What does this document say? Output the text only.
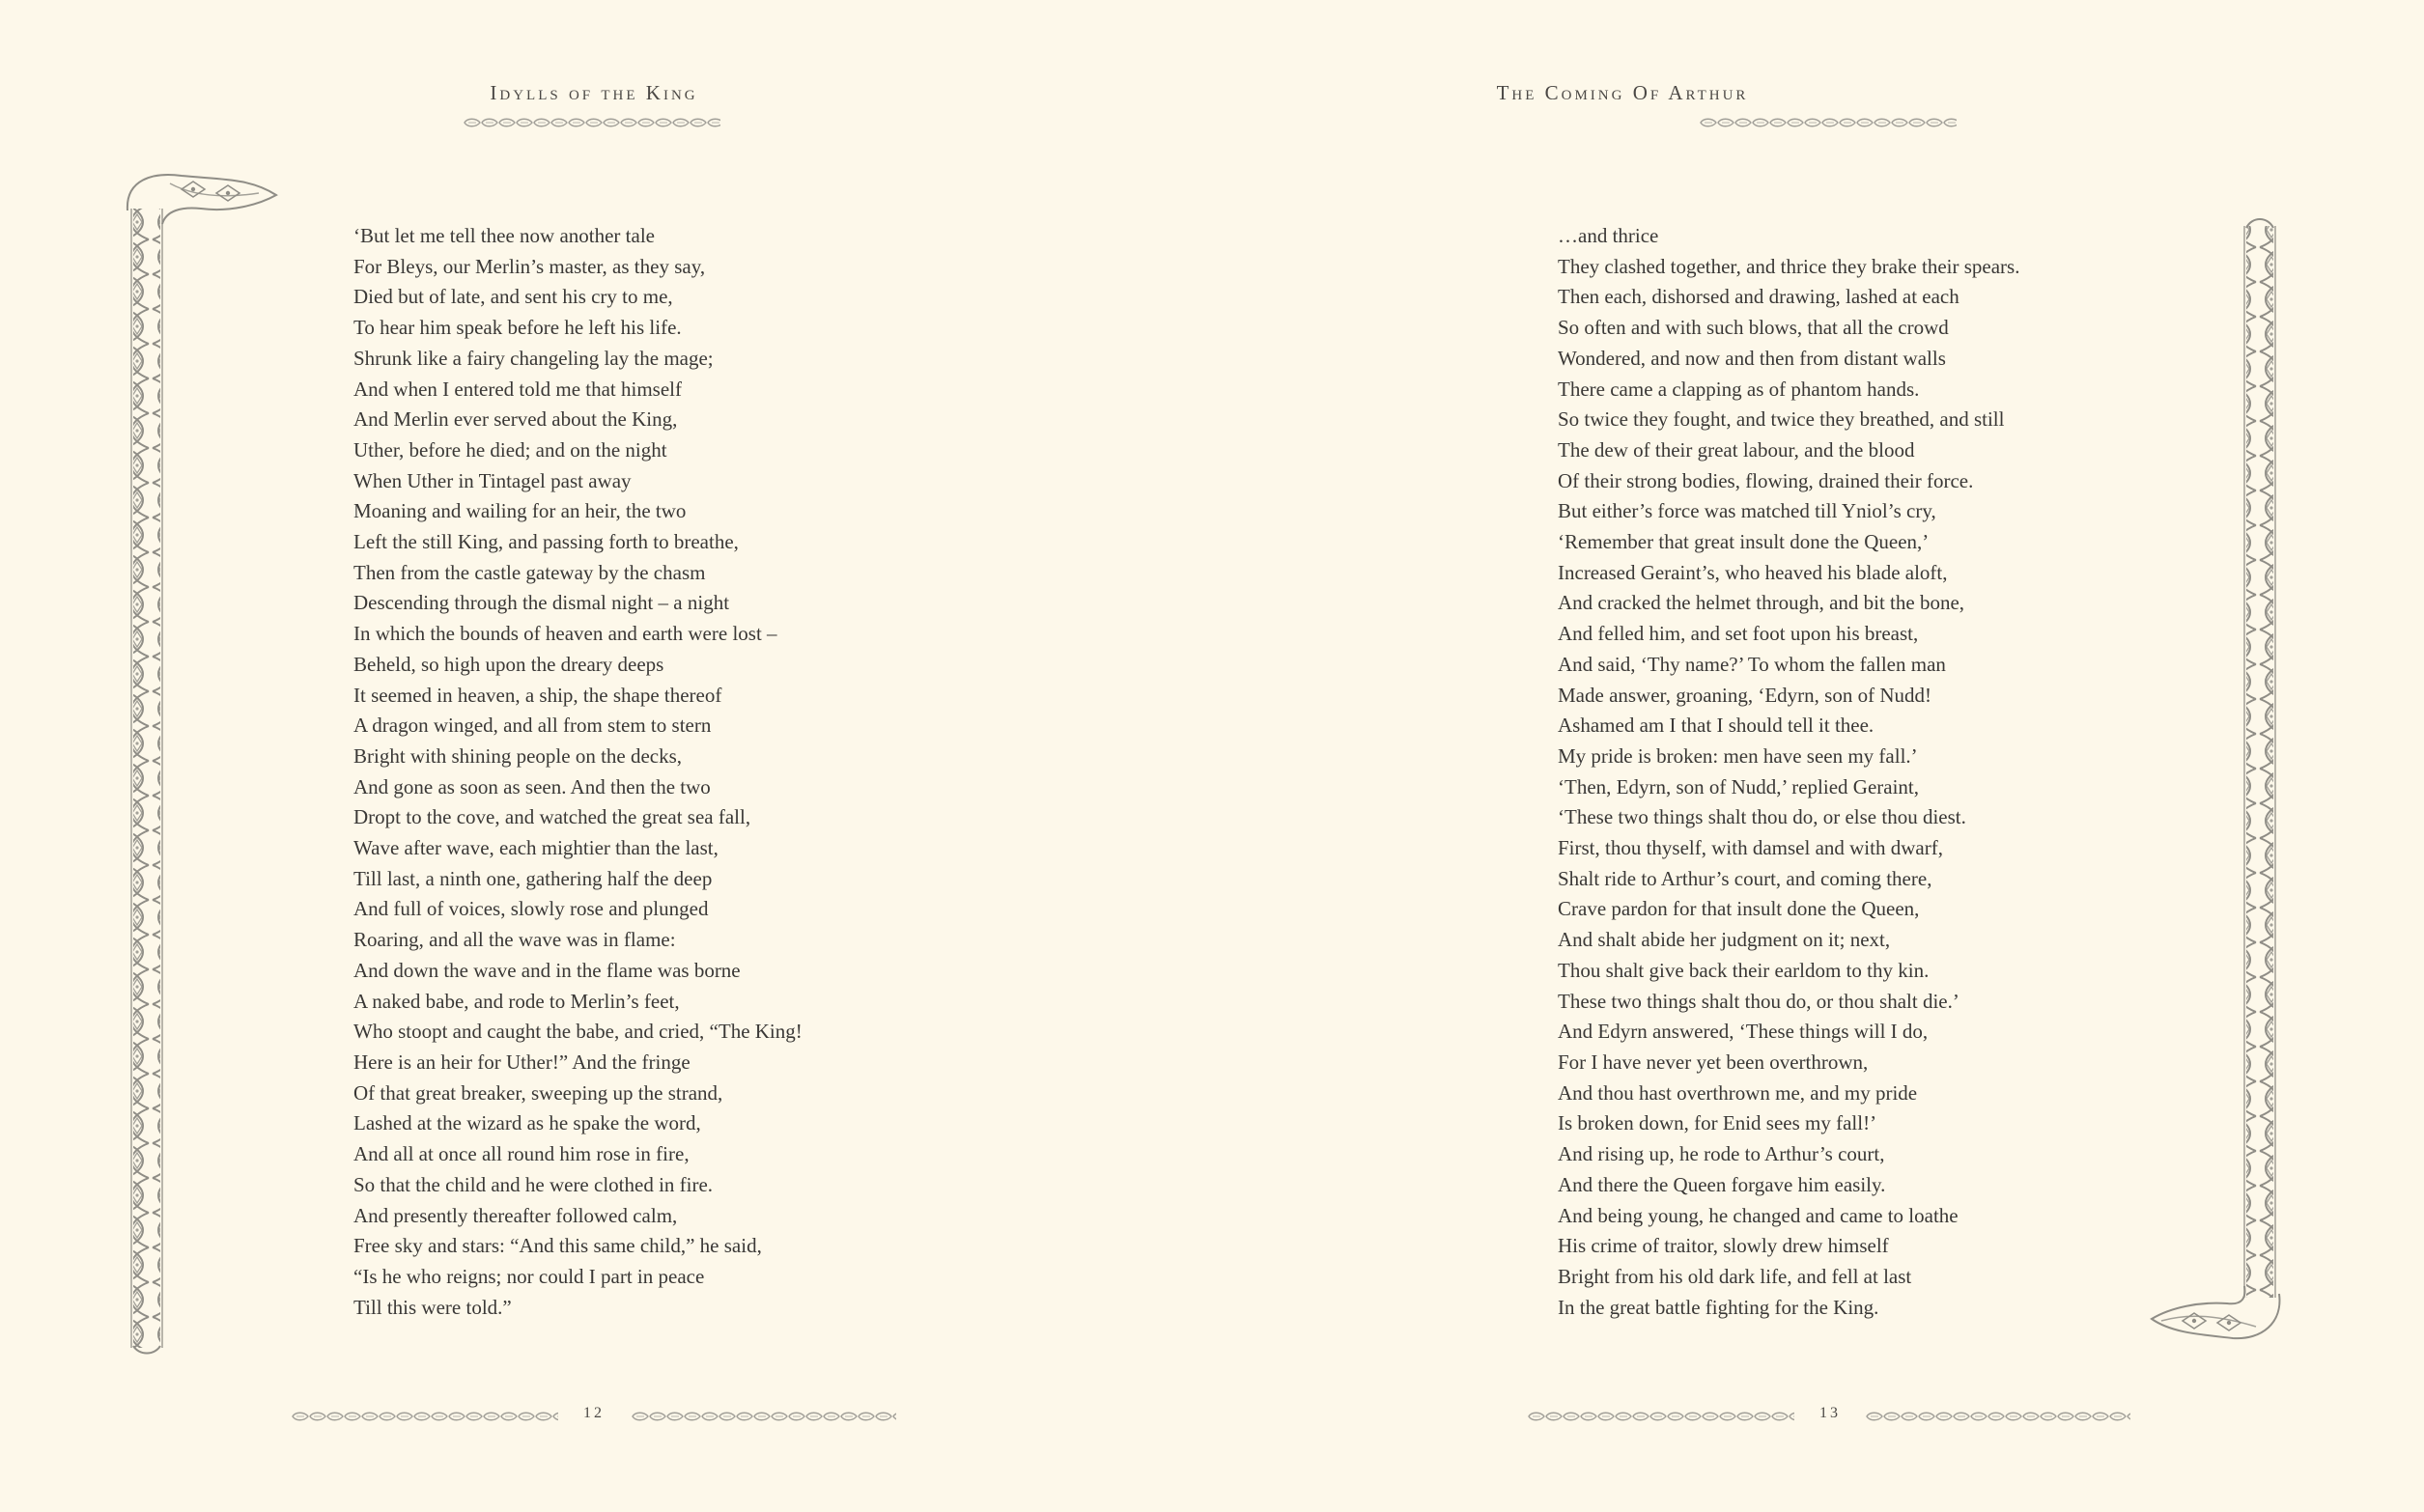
Idylls of the King
‘But let me tell thee now another tale
For Bleys, our Merlin’s master, as they say,
Died but of late, and sent his cry to me,
To hear him speak before he left his life.
Shrunk like a fairy changeling lay the mage;
And when I entered told me that himself
And Merlin ever served about the King,
Uther, before he died; and on the night
When Uther in Tintagel past away
Moaning and wailing for an heir, the two
Left the still King, and passing forth to breathe,
Then from the castle gateway by the chasm
Descending through the dismal night – a night
In which the bounds of heaven and earth were lost –
Beheld, so high upon the dreary deeps
It seemed in heaven, a ship, the shape thereof
A dragon winged, and all from stem to stern
Bright with shining people on the decks,
And gone as soon as seen. And then the two
Dropt to the cove, and watched the great sea fall,
Wave after wave, each mightier than the last,
Till last, a ninth one, gathering half the deep
And full of voices, slowly rose and plunged
Roaring, and all the wave was in flame:
And down the wave and in the flame was borne
A naked babe, and rode to Merlin’s feet,
Who stoopt and caught the babe, and cried, “The King!
Here is an heir for Uther!” And the fringe
Of that great breaker, sweeping up the strand,
Lashed at the wizard as he spake the word,
And all at once all round him rose in fire,
So that the child and he were clothed in fire.
And presently thereafter followed calm,
Free sky and stars: “And this same child,” he said,
“Is he who reigns; nor could I part in peace
Till this were told.”
12
The Coming Of Arthur
…and thrice
They clashed together, and thrice they brake their spears.
Then each, dishorsed and drawing, lashed at each
So often and with such blows, that all the crowd
Wondered, and now and then from distant walls
There came a clapping as of phantom hands.
So twice they fought, and twice they breathed, and still
The dew of their great labour, and the blood
Of their strong bodies, flowing, drained their force.
But either’s force was matched till Yniol’s cry,
‘Remember that great insult done the Queen,’
Increased Geraint’s, who heaved his blade aloft,
And cracked the helmet through, and bit the bone,
And felled him, and set foot upon his breast,
And said, ‘Thy name?’ To whom the fallen man
Made answer, groaning, ‘Edyrn, son of Nudd!
Ashamed am I that I should tell it thee.
My pride is broken: men have seen my fall.’
‘Then, Edyrn, son of Nudd,’ replied Geraint,
‘These two things shalt thou do, or else thou diest.
First, thou thyself, with damsel and with dwarf,
Shalt ride to Arthur’s court, and coming there,
Crave pardon for that insult done the Queen,
And shalt abide her judgment on it; next,
Thou shalt give back their earldom to thy kin.
These two things shalt thou do, or thou shalt die.’
And Edyrn answered, ‘These things will I do,
For I have never yet been overthrown,
And thou hast overthrown me, and my pride
Is broken down, for Enid sees my fall!’
And rising up, he rode to Arthur’s court,
And there the Queen forgave him easily.
And being young, he changed and came to loathe
His crime of traitor, slowly drew himself
Bright from his old dark life, and fell at last
In the great battle fighting for the King.
13
